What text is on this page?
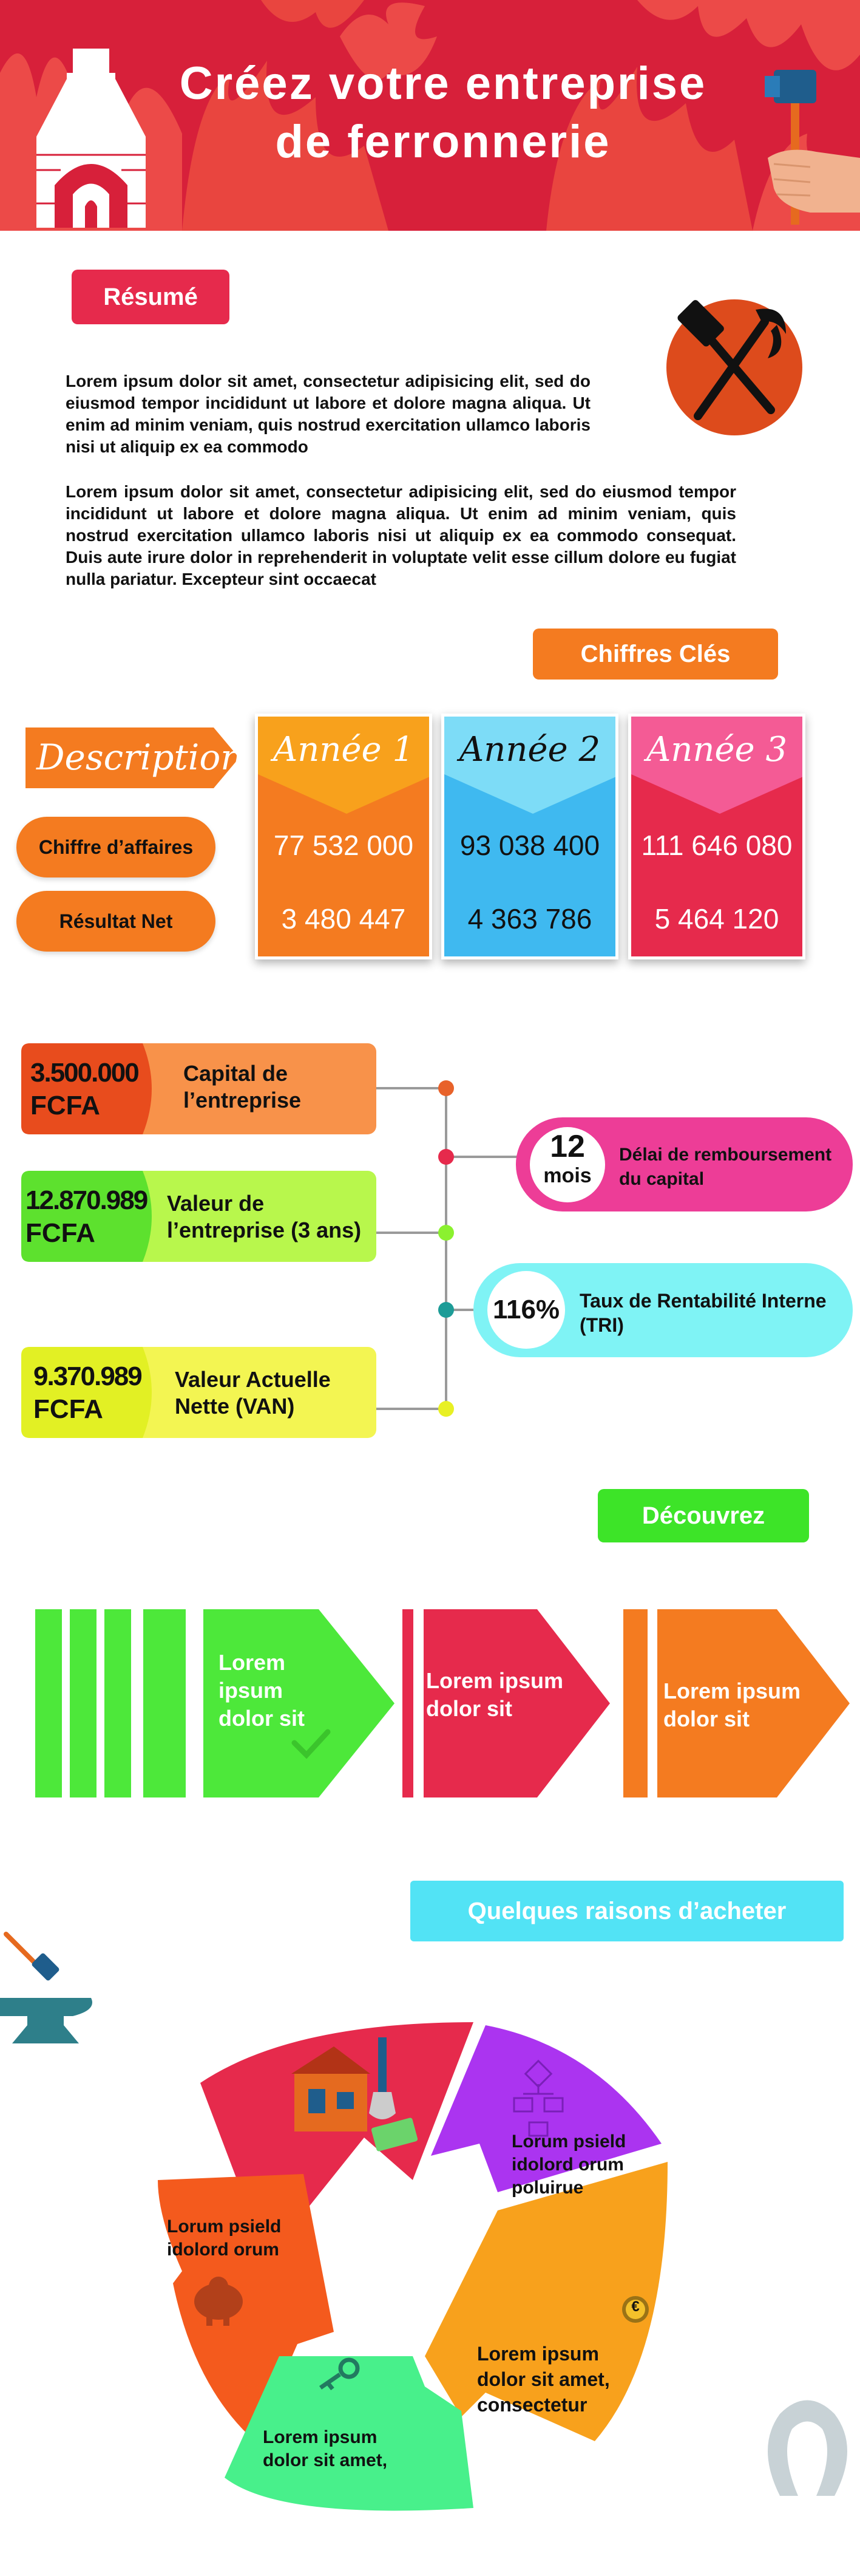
Créez votre entreprise
de ferronnerie
Résumé
Lorem ipsum dolor sit amet, consectetur adipisicing elit, sed do eiusmod tempor incididunt ut labore et dolore magna aliqua. Ut enim ad minim veniam, quis nostrud exercitation ullamco laboris nisi ut aliquip ex ea commodo
Lorem ipsum dolor sit amet, consectetur adipisicing elit, sed do eiusmod tempor incididunt ut labore et dolore magna aliqua. Ut enim ad minim veniam, quis nostrud exercitation ullamco laboris nisi ut aliquip ex ea commodo consequat. Duis aute irure dolor in reprehenderit in voluptate velit esse cillum dolore eu fugiat nulla pariatur. Excepteur sint occaecat
Chiffres Clés
Description
Chiffre d’affaires
Résultat Net
Année 1
77 532 000
3 480 447
Année 2
93 038 400
4 363 786
Année 3
111 646 080
5 464 120
3.500.000
FCFA
Capital de
l’entreprise
12.870.989
FCFA
Valeur de
l’entreprise (3 ans)
9.370.989
FCFA
Valeur Actuelle
Nette (VAN)
12
mois
Délai de remboursement
du capital
116% Taux de Rentabilité Interne
(TRI)
Découvrez
Lorem
ipsum
dolor sit
Lorem ipsum
dolor sit
Lorem ipsum
dolor sit
Quelques raisons d’acheter
€
Lorum psield
idolord orum
poluirue
Lorum psield
idolord orum
Lorem ipsum
dolor sit amet,
consectetur
Lorem ipsum
dolor sit amet,
